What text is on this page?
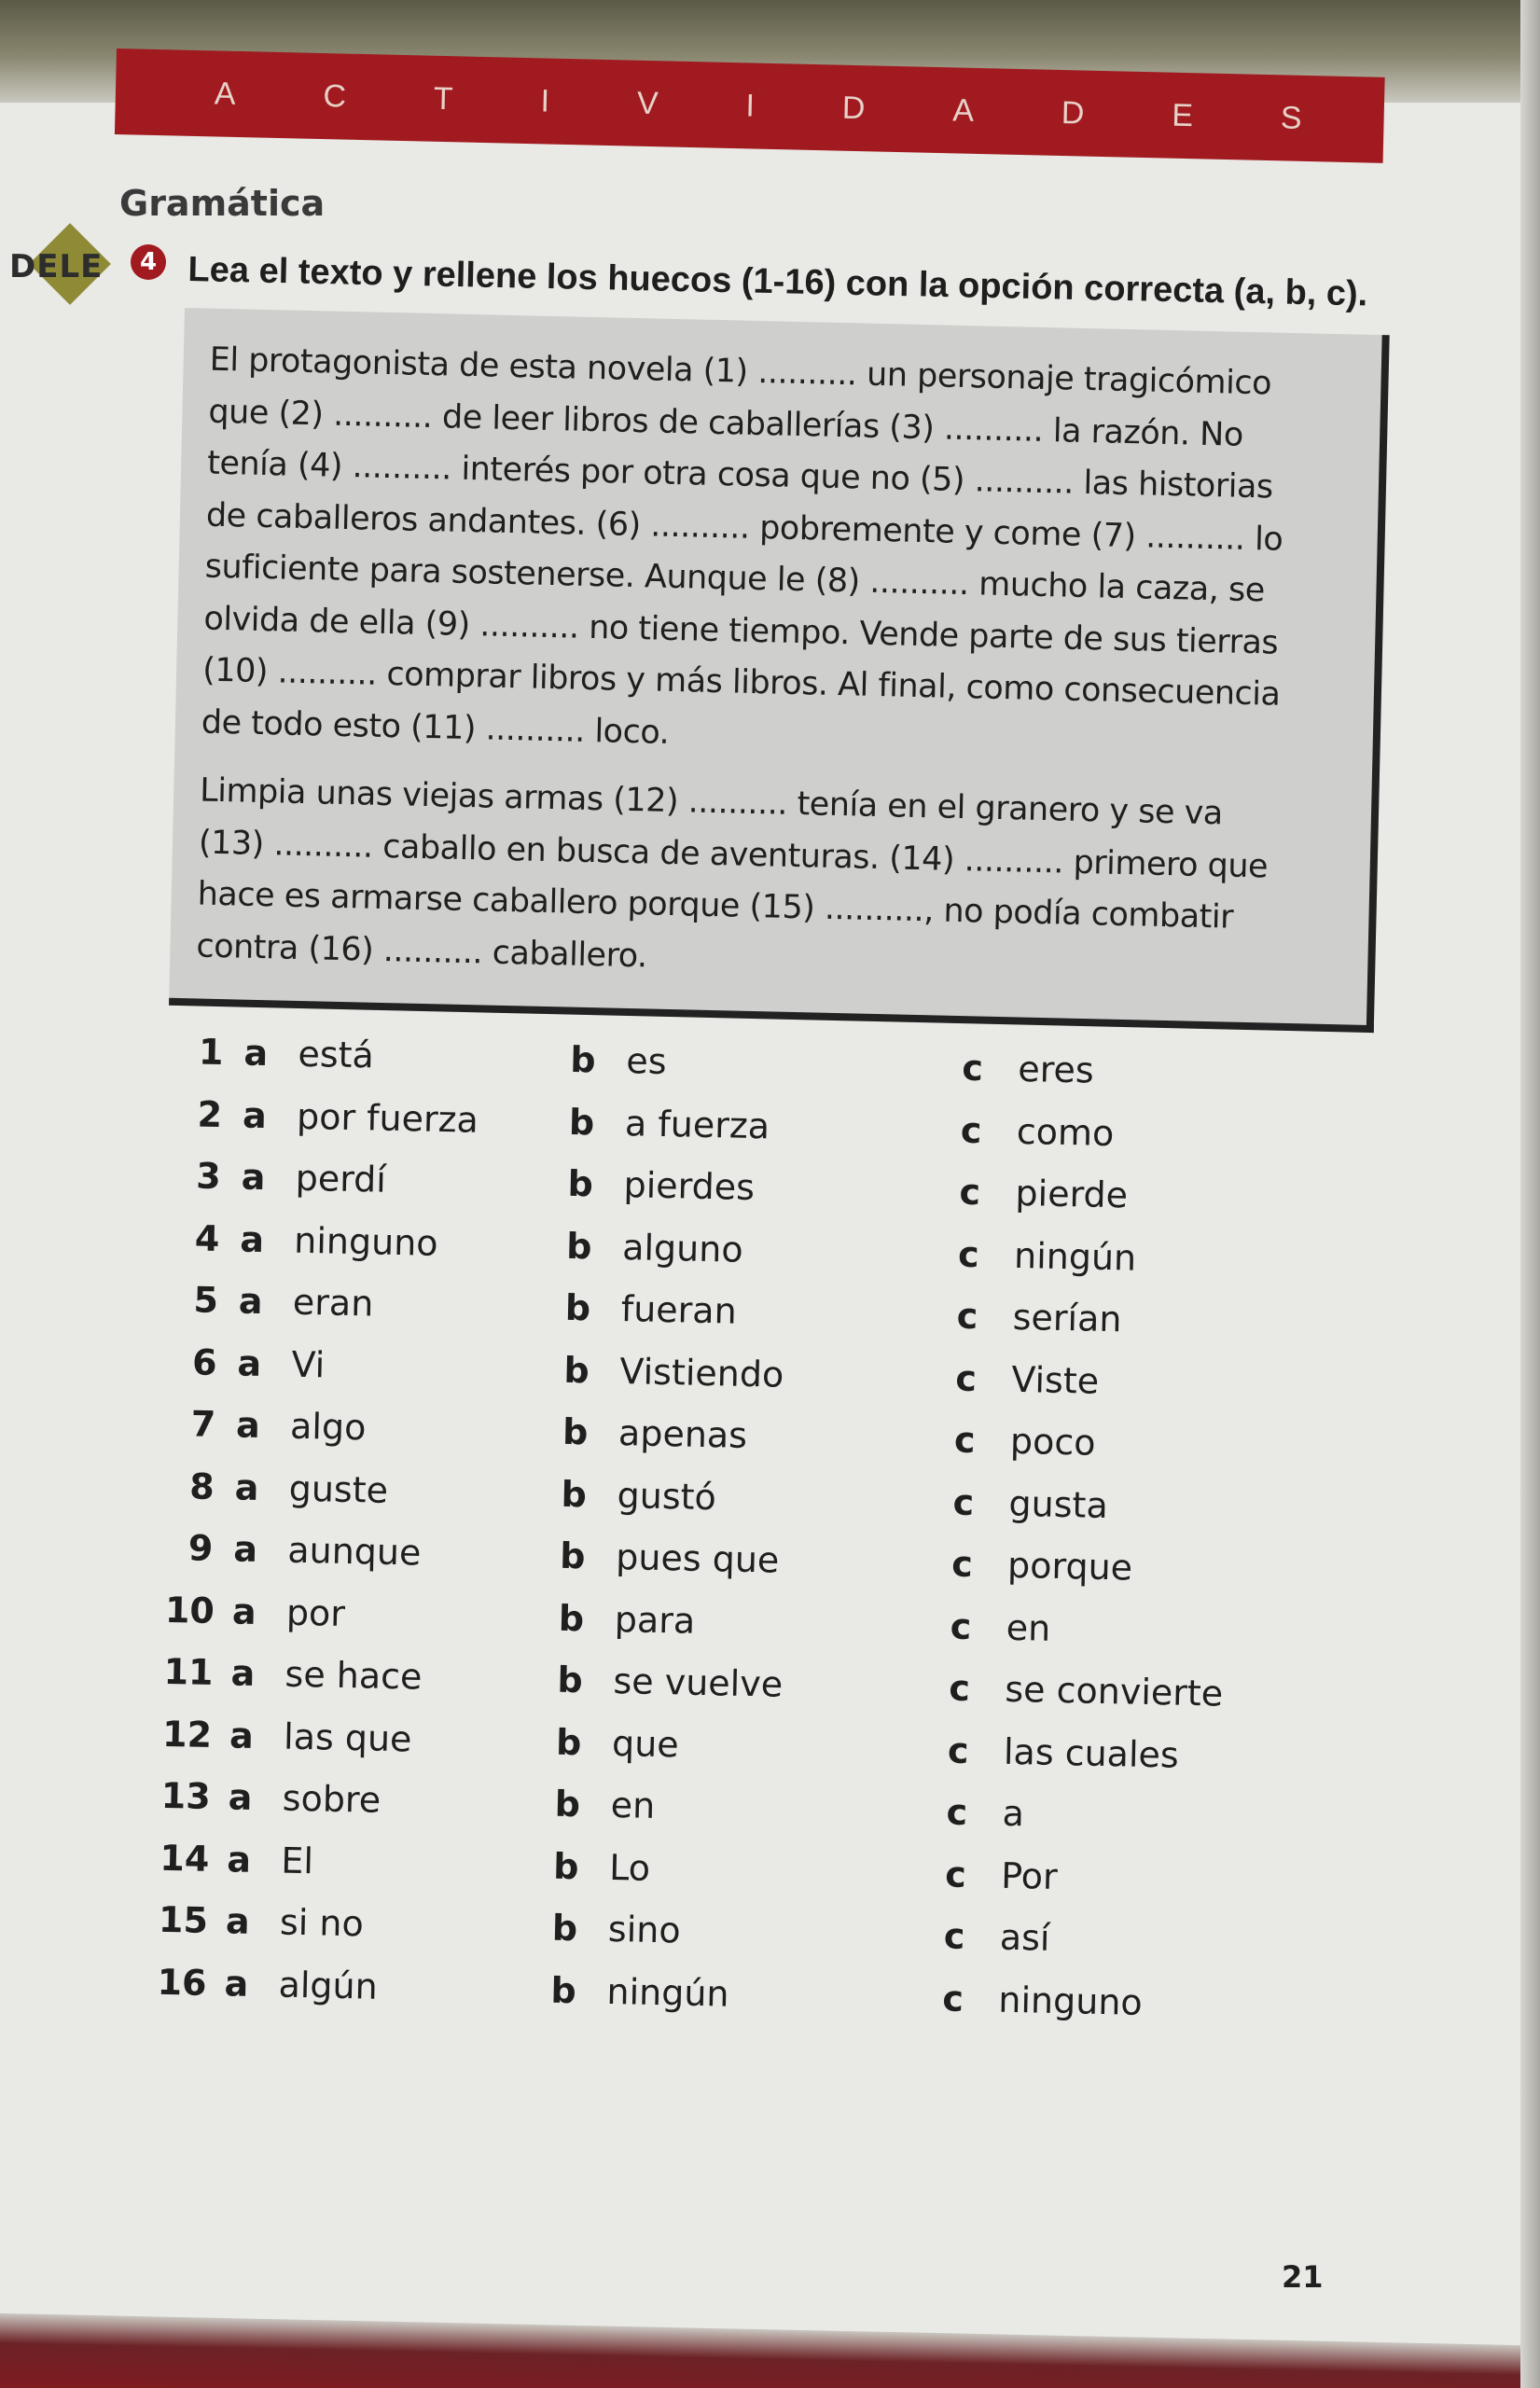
A	C	T	I	V	I	D	A	D	E	S
Gramática
DELE	4 Lea el texto y rellene los huecos (1-16) con la opción correcta (a, b, c).
El protagonista de esta novela (1) .......... un personaje tragicómico
que (2) .......... de leer libros de caballerías (3) .......... la razón. No
tenía (4) .......... interés por otra cosa que no (5) .......... las historias
de caballeros andantes. (6) .......... pobremente y come (7) .......... lo
suficiente para sostenerse. Aunque le (8) .......... mucho la caza, se
olvida de ella (9) .......... no tiene tiempo. Vende parte de sus tierras
(10) .......... comprar libros y más libros. Al final, como consecuencia
de todo esto (11) .......... loco.
Limpia unas viejas armas (12) .......... tenía en el granero y se va
(13) .......... caballo en busca de aventuras. (14) .......... primero que
hace es armarse caballero porque (15) .........., no podía combatir
contra (16) .......... caballero.
1 a está	b es	c eres
2 a por fuerza	b a fuerza	c como
3 a perdí	b pierdes	c pierde
4 a ninguno	b alguno	c ningún
5 a eran	b fueran	c serían
6 a Vi	b Vistiendo	c Viste
7 a algo	b apenas	c poco
8 a guste	b gustó	c gusta
9 a aunque	b pues que	c porque
10 a por	b para	c en
11 a se hace	b se vuelve	c se convierte
12 a las que	b que	c las cuales
13 a sobre	b en	c a
14 a El	b Lo	c Por
15 a si no	b sino	c así
16 a algún	b ningún	c ninguno
21
